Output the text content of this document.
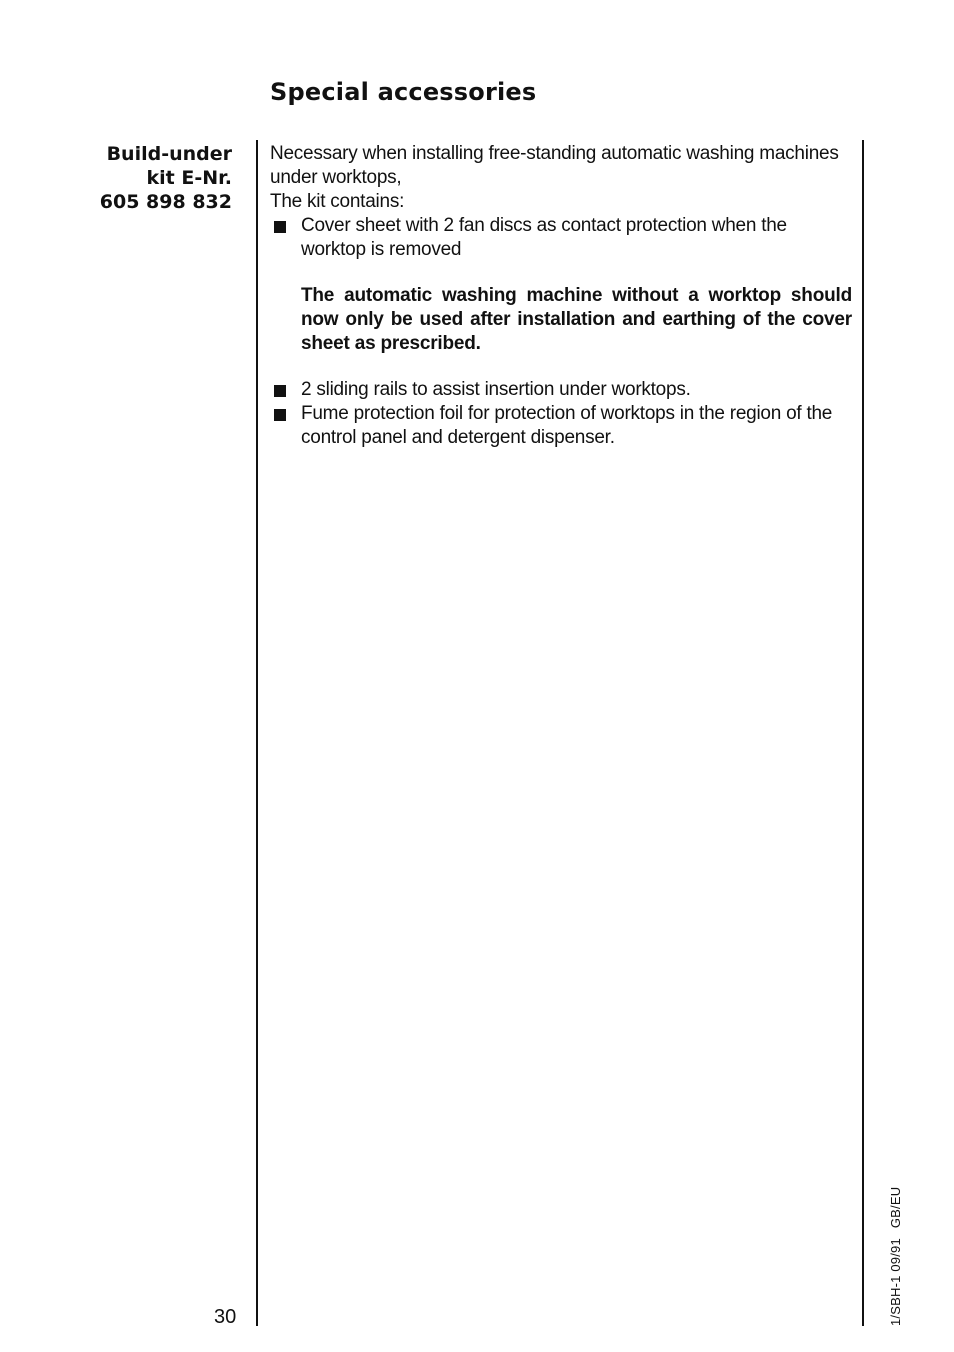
Special accessories
Build-under
kit E-Nr.
605 898 832

Necessary when installing free-standing automatic washing machines under worktops,

The kit contains:

Cover sheet with 2 fan discs as contact protection when the worktop is removed

The automatic washing machine without a worktop should now only be used after installation and earthing of the cover sheet as prescribed.

2 sliding rails to assist insertion under worktops.
Fume protection foil for protection of worktops in the region of the control panel and detergent dispenser.
30	1/SBH-1 09/91GB/EU
